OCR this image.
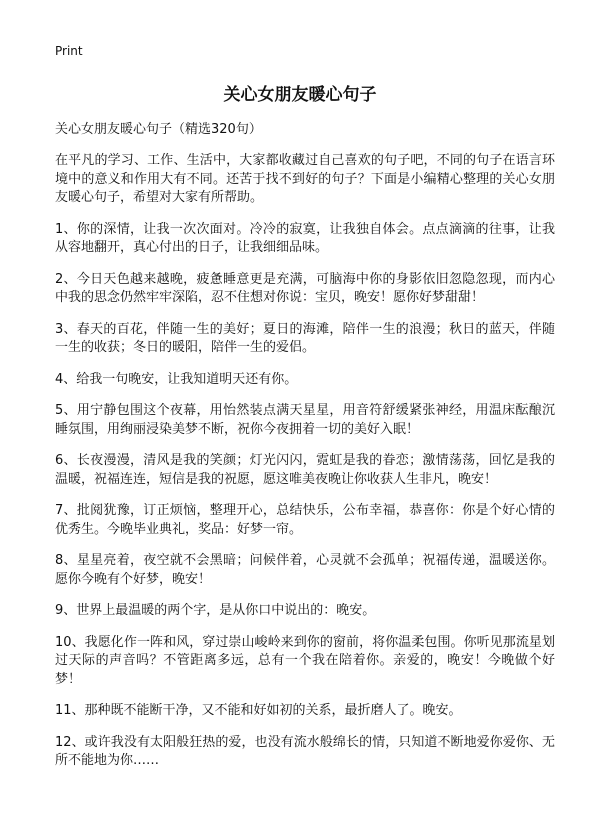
Print
关心女朋友暖心句子

关心女朋友暖心句子（精选320句）

在平凡的学习、工作、生活中，大家都收藏过自己喜欢的句子吧，不同的句子在语言环境中的意义和作用大有不同。还苦于找不到好的句子？下面是小编精心整理的关心女朋友暖心句子，希望对大家有所帮助。

1、你的深情，让我一次次面对。冷冷的寂寞，让我独自体会。点点滴滴的往事，让我从容地翻开，真心付出的日子，让我细细品味。

2、今日天色越来越晚，疲惫睡意更是充满，可脑海中你的身影依旧忽隐忽现，而内心中我的思念仍然牢牢深陷，忍不住想对你说：宝贝，晚安！愿你好梦甜甜！

3、春天的百花，伴随一生的美好；夏日的海滩，陪伴一生的浪漫；秋日的蓝天，伴随一生的收获；冬日的暖阳，陪伴一生的爱侣。

4、给我一句晚安，让我知道明天还有你。

5、用宁静包围这个夜幕，用怡然装点满天星星，用音符舒缓紧张神经，用温床酝酿沉睡氛围，用绚丽浸染美梦不断，祝你今夜拥着一切的美好入眠！

6、长夜漫漫，清风是我的笑颜；灯光闪闪，霓虹是我的眷恋；激情荡荡，回忆是我的温暖，祝福连连，短信是我的祝愿，愿这唯美夜晚让你收获人生非凡，晚安！

7、批阅犹豫，订正烦恼，整理开心，总结快乐，公布幸福，恭喜你：你是个好心情的优秀生。今晚毕业典礼，奖品：好梦一帘。

8、星星亮着，夜空就不会黑暗；问候伴着，心灵就不会孤单；祝福传递，温暖送你。愿你今晚有个好梦，晚安！

9、世界上最温暖的两个字，是从你口中说出的：晚安。

10、我愿化作一阵和风，穿过崇山峻岭来到你的窗前，将你温柔包围。你听见那流星划过天际的声音吗？不管距离多远，总有一个我在陪着你。亲爱的，晚安！今晚做个好梦！

11、那种既不能断干净，又不能和好如初的关系，最折磨人了。晚安。

12、或许我没有太阳般狂热的爱，也没有流水般绵长的情，只知道不断地爱你爱你、无所不能地为你……
